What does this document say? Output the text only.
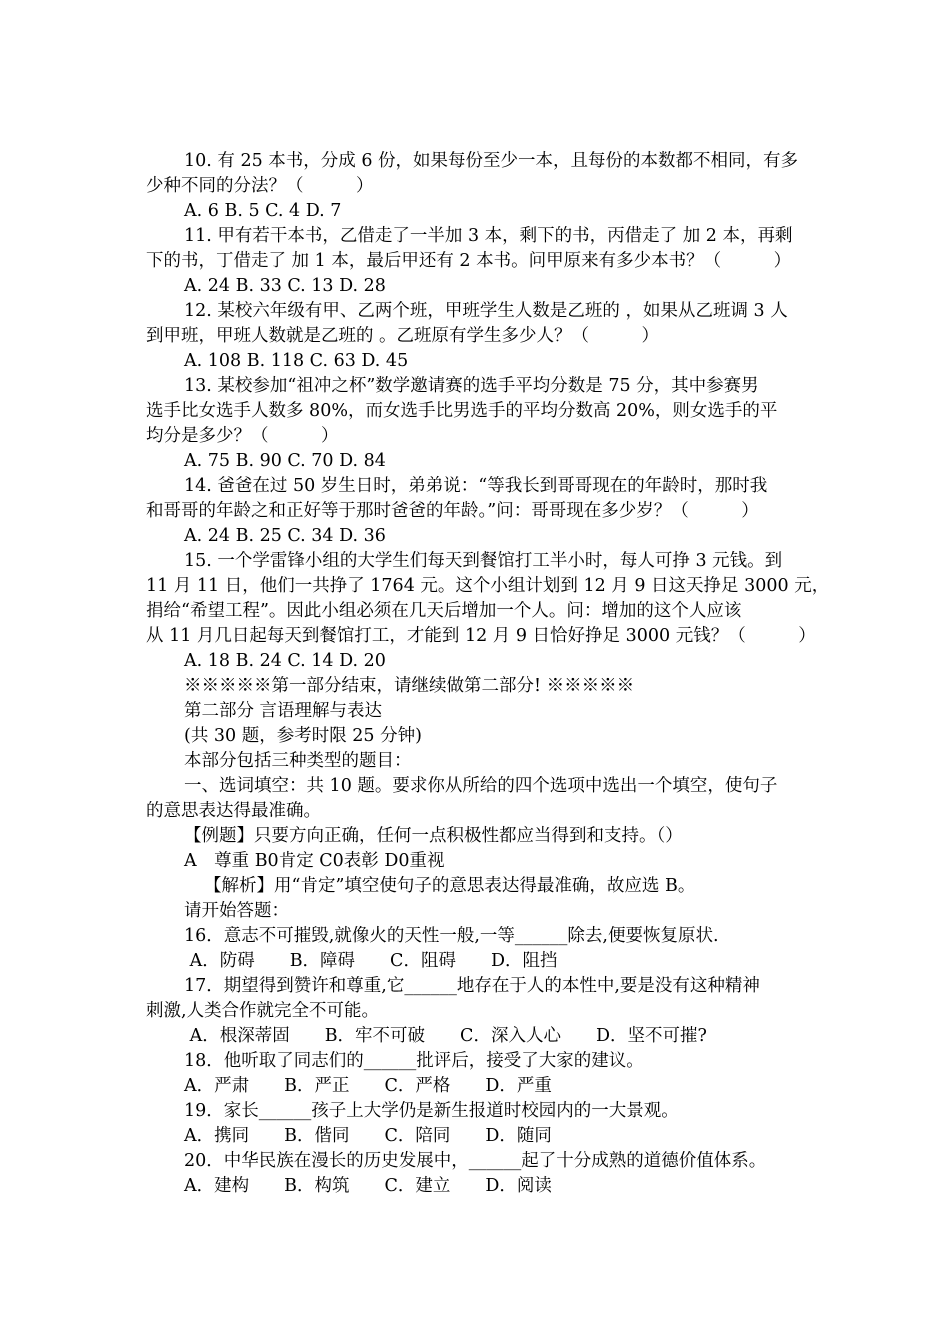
10. 有 25 本书，分成 6 份，如果每份至少一本，且每份的本数都不相同，有多
少种不同的分法？（　　　）
A. 6 B. 5 C. 4 D. 7
11. 甲有若干本书，乙借走了一半加 3 本，剩下的书，丙借走了 加 2 本，再剩
下的书，丁借走了 加 1 本，最后甲还有 2 本书。问甲原来有多少本书？（　　　）
A. 24 B. 33 C. 13 D. 28
12. 某校六年级有甲、乙两个班，甲班学生人数是乙班的 ，如果从乙班调 3 人
到甲班，甲班人数就是乙班的 。乙班原有学生多少人？（　　　）
A. 108 B. 118 C. 63 D. 45
13. 某校参加“祖冲之杯”数学邀请赛的选手平均分数是 75 分，其中参赛男
选手比女选手人数多 80%，而女选手比男选手的平均分数高 20%，则女选手的平
均分是多少？（　　　）
A. 75 B. 90 C. 70 D. 84
14. 爸爸在过 50 岁生日时，弟弟说：“等我长到哥哥现在的年龄时，那时我
和哥哥的年龄之和正好等于那时爸爸的年龄。”问：哥哥现在多少岁？（　　　）
A. 24 B. 25 C. 34 D. 36
15. 一个学雷锋小组的大学生们每天到餐馆打工半小时，每人可挣 3 元钱。到
11 月 11 日，他们一共挣了 1764 元。这个小组计划到 12 月 9 日这天挣足 3000 元，
捐给“希望工程”。因此小组必须在几天后增加一个人。问：增加的这个人应该
从 11 月几日起每天到餐馆打工，才能到 12 月 9 日恰好挣足 3000 元钱？（　　　）
A. 18 B. 24 C. 14 D. 20
※※※※※第一部分结束，请继续做第二部分! ※※※※※
第二部分 言语理解与表达
(共 30 题，参考时限 25 分钟)
本部分包括三种类型的题目：
一、选词填空：共 10 题。要求你从所给的四个选项中选出一个填空，使句子
的意思表达得最准确。
【例题】只要方向正确，任何一点积极性都应当得到和支持。（）
A　尊重 B0肯定 C0表彰 D0重视
【解析】用“肯定”填空使句子的意思表达得最准确，故应选 B。
请开始答题：
16．意志不可摧毁,就像火的天性一般,一等______除去,便要恢复原状.
A．防碍　　B．障碍　　C．阻碍　　D．阻挡
17．期望得到赞许和尊重,它______地存在于人的本性中,要是没有这种精神
刺激,人类合作就完全不可能。
A．根深蒂固　　B．牢不可破　　C．深入人心　　D．坚不可摧?
18．他听取了同志们的______批评后，接受了大家的建议。
A．严肃　　B．严正　　C．严格　　D．严重
19．家长______孩子上大学仍是新生报道时校园内的一大景观。
A．携同　　B．偕同　　C．陪同　　D．随同
20．中华民族在漫长的历史发展中，______起了十分成熟的道德价值体系。
A．建构　　B．构筑　　C．建立　　D．阅读
